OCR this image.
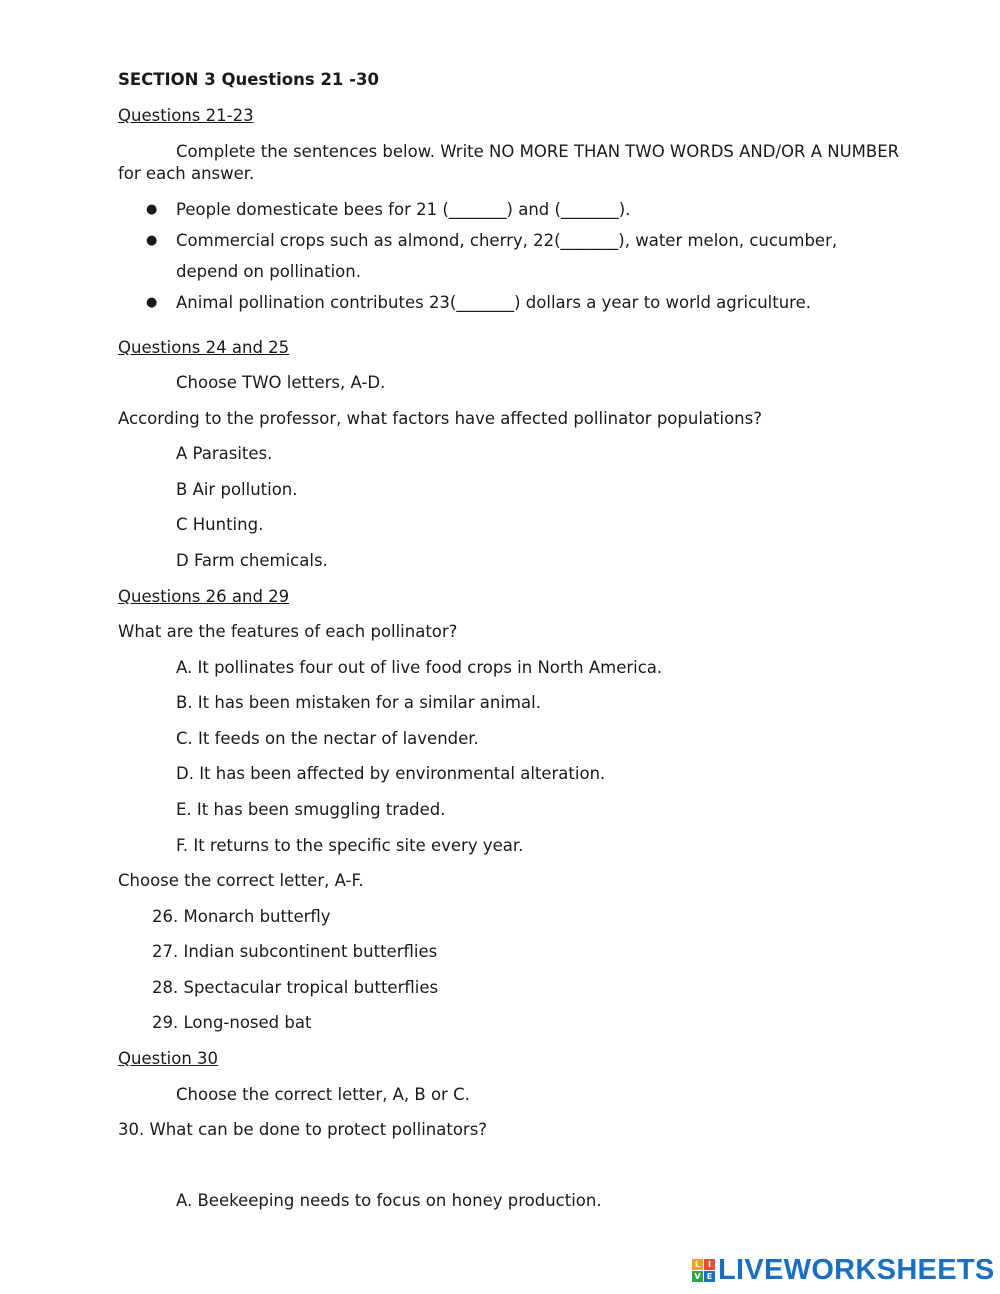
SECTION 3 Questions 21 -30
Questions 21-23
Complete the sentences below. Write NO MORE THAN TWO WORDS AND/OR A NUMBER
for each answer.
● People domesticate bees for 21 (_______) and (_______).
● Commercial crops such as almond, cherry, 22(_______), water melon, cucumber,
depend on pollination.
● Animal pollination contributes 23(_______) dollars a year to world agriculture.
Questions 24 and 25
Choose TWO letters, A-D.
According to the professor, what factors have affected pollinator populations?
A Parasites.
B Air pollution.
C Hunting.
D Farm chemicals.
Questions 26 and 29
What are the features of each pollinator?
A. It pollinates four out of live food crops in North America.
B. It has been mistaken for a similar animal.
C. It feeds on the nectar of lavender.
D. It has been affected by environmental alteration.
E. It has been smuggling traded.
F. It returns to the specific site every year.
Choose the correct letter, A-F.
26. Monarch butterfly
27. Indian subcontinent butterflies
28. Spectacular tropical butterflies
29. Long-nosed bat
Question 30
Choose the correct letter, A, B or C.
30. What can be done to protect pollinators?
A. Beekeeping needs to focus on honey production.
L I
V E LIVEWORKSHEETS
